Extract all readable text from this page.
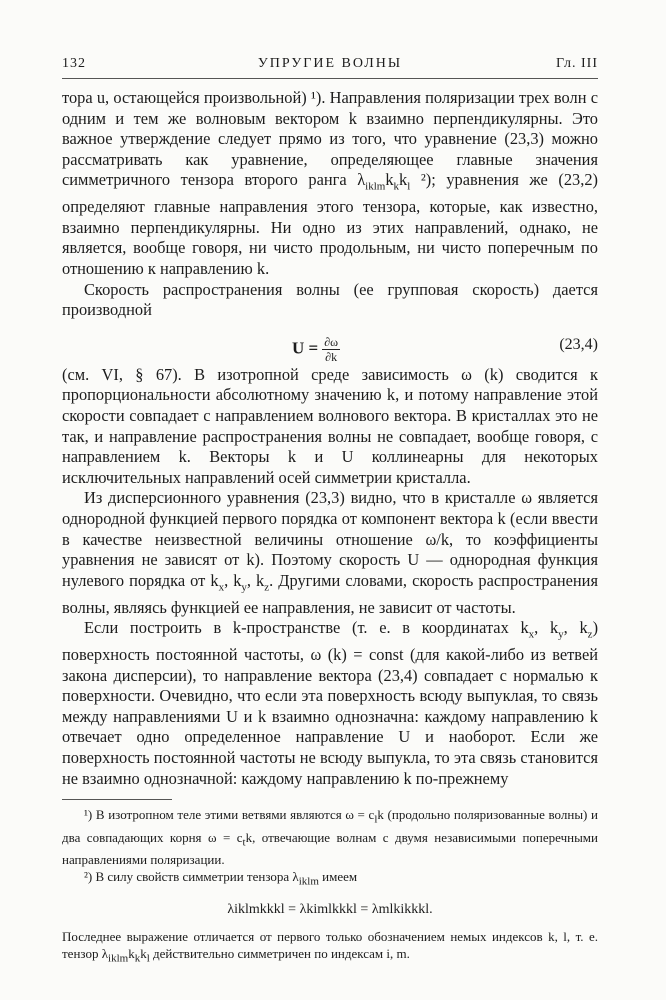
132	УПРУГИЕ ВОЛНЫ	Гл. III

тора u, остающейся произвольной) ¹). Направления поляризации трех волн с одним и тем же волновым вектором k взаимно перпендикулярны. Это важное утверждение следует прямо из того, что уравнение (23,3) можно рассматривать как уравнение, определяющее главные значения симметричного тензора второго ранга $\lambda_{iklm}k_kk_l$ ²); уравнения же (23,2) определяют главные направления этого тензора, которые, как известно, взаимно перпендикулярны. Ни одно из этих направлений, однако, не является, вообще говоря, ни чисто продольным, ни чисто поперечным по отношению к направлению k.

Скорость распространения волны (ее групповая скорость) дается производной

$U = \frac{\partial\omega}{\partial k}$	(23,4)

(см. VI, § 67). В изотропной среде зависимость ω (k) сводится к пропорциональности абсолютному значению k, и потому направление этой скорости совпадает с направлением волнового вектора. В кристаллах это не так, и направление распространения волны не совпадает, вообще говоря, с направлением k. Векторы k и U коллинеарны для некоторых исключительных направлений осей симметрии кристалла.

Из дисперсионного уравнения (23,3) видно, что в кристалле ω является однородной функцией первого порядка от компонент вектора k (если ввести в качестве неизвестной величины отношение ω/k, то коэффициенты уравнения не зависят от k). Поэтому скорость U — однородная функция нулевого порядка от $k_x$, $k_y$, $k_z$. Другими словами, скорость распространения волны, являясь функцией ее направления, не зависит от частоты.

Если построить в k-пространстве (т. е. в координатах $k_x$, $k_y$, $k_z$) поверхность постоянной частоты, ω (k) = const (для какой-либо из ветвей закона дисперсии), то направление вектора (23,4) совпадает с нормалью к поверхности. Очевидно, что если эта поверхность всюду выпуклая, то связь между направлениями U и k взаимно однозначна: каждому направлению k отвечает одно определенное направление U и наоборот. Если же поверхность постоянной частоты не всюду выпукла, то эта связь становится не взаимно однозначной: каждому направлению k по-прежнему

¹) В изотропном теле этими ветвями являются $\omega = c_lk$ (продольно поляризованные волны) и два совпадающих корня $\omega = c_tk$, отвечающие волнам с двумя независимыми поперечными направлениями поляризации.

²) В силу свойств симметрии тензора $\lambda_{iklm}$ имеем

λiklmkkkl = λkimlkkkl = λmlkikkkl.

Последнее выражение отличается от первого только обозначением немых индексов k, l, т. е. тензор $\lambda_{iklm}k_kk_l$ действительно симметричен по индексам i, m.
